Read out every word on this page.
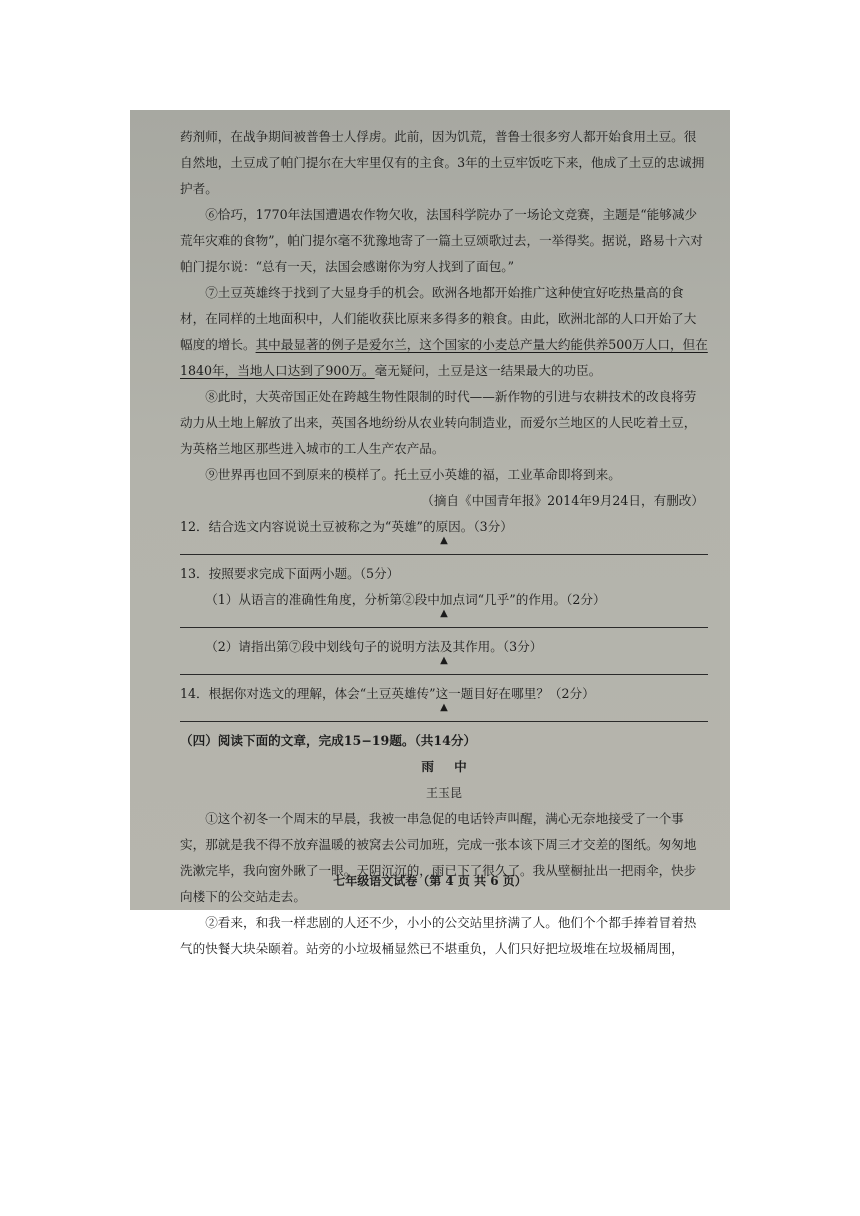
药剂师，在战争期间被普鲁士人俘虏。此前，因为饥荒，普鲁士很多穷人都开始食用土豆。很自然地，土豆成了帕门提尔在大牢里仅有的主食。3年的土豆牢饭吃下来，他成了土豆的忠诚拥护者。

⑥恰巧，1770年法国遭遇农作物欠收，法国科学院办了一场论文竞赛，主题是“能够减少荒年灾难的食物”，帕门提尔毫不犹豫地寄了一篇土豆颂歌过去，一举得奖。据说，路易十六对帕门提尔说：“总有一天，法国会感谢你为穷人找到了面包。”

⑦土豆英雄终于找到了大显身手的机会。欧洲各地都开始推广这种使宜好吃热量高的食材，在同样的土地面积中，人们能收获比原来多得多的粮食。由此，欧洲北部的人口开始了大幅度的增长。其中最显著的例子是爱尔兰，这个国家的小麦总产量大约能供养500万人口，但在1840年，当地人口达到了900万。毫无疑问，土豆是这一结果最大的功臣。

⑧此时，大英帝国正处在跨越生物性限制的时代——新作物的引进与农耕技术的改良将劳动力从土地上解放了出来，英国各地纷纷从农业转向制造业，而爱尔兰地区的人民吃着土豆，为英格兰地区那些进入城市的工人生产农产品。

⑨世界再也回不到原来的模样了。托土豆小英雄的福，工业革命即将到来。

（摘自《中国青年报》2014年9月24日，有删改）

12．结合选文内容说说土豆被称之为“英雄”的原因。（3分）

▲

13．按照要求完成下面两小题。（5分）

（1）从语言的准确性角度，分析第②段中加点词“几乎”的作用。（2分）

▲

（2）请指出第⑦段中划线句子的说明方法及其作用。（3分）

▲

14．根据你对选文的理解，体会“土豆英雄传”这一题目好在哪里？（2分）

▲

（四）阅读下面的文章，完成15−19题。（共14分）

雨中

王玉昆

①这个初冬一个周末的早晨，我被一串急促的电话铃声叫醒，满心无奈地接受了一个事实，那就是我不得不放弃温暖的被窝去公司加班，完成一张本该下周三才交差的图纸。匆匆地洗漱完毕，我向窗外瞅了一眼。天阴沉沉的，雨已下了很久了。我从壁橱扯出一把雨伞，快步向楼下的公交站走去。

②看来，和我一样悲剧的人还不少，小小的公交站里挤满了人。他们个个都手捧着冒着热气的快餐大块朵颐着。站旁的小垃圾桶显然已不堪重负，人们只好把垃圾堆在垃圾桶周围，

七年级语文试卷（第 4 页 共 6 页）
